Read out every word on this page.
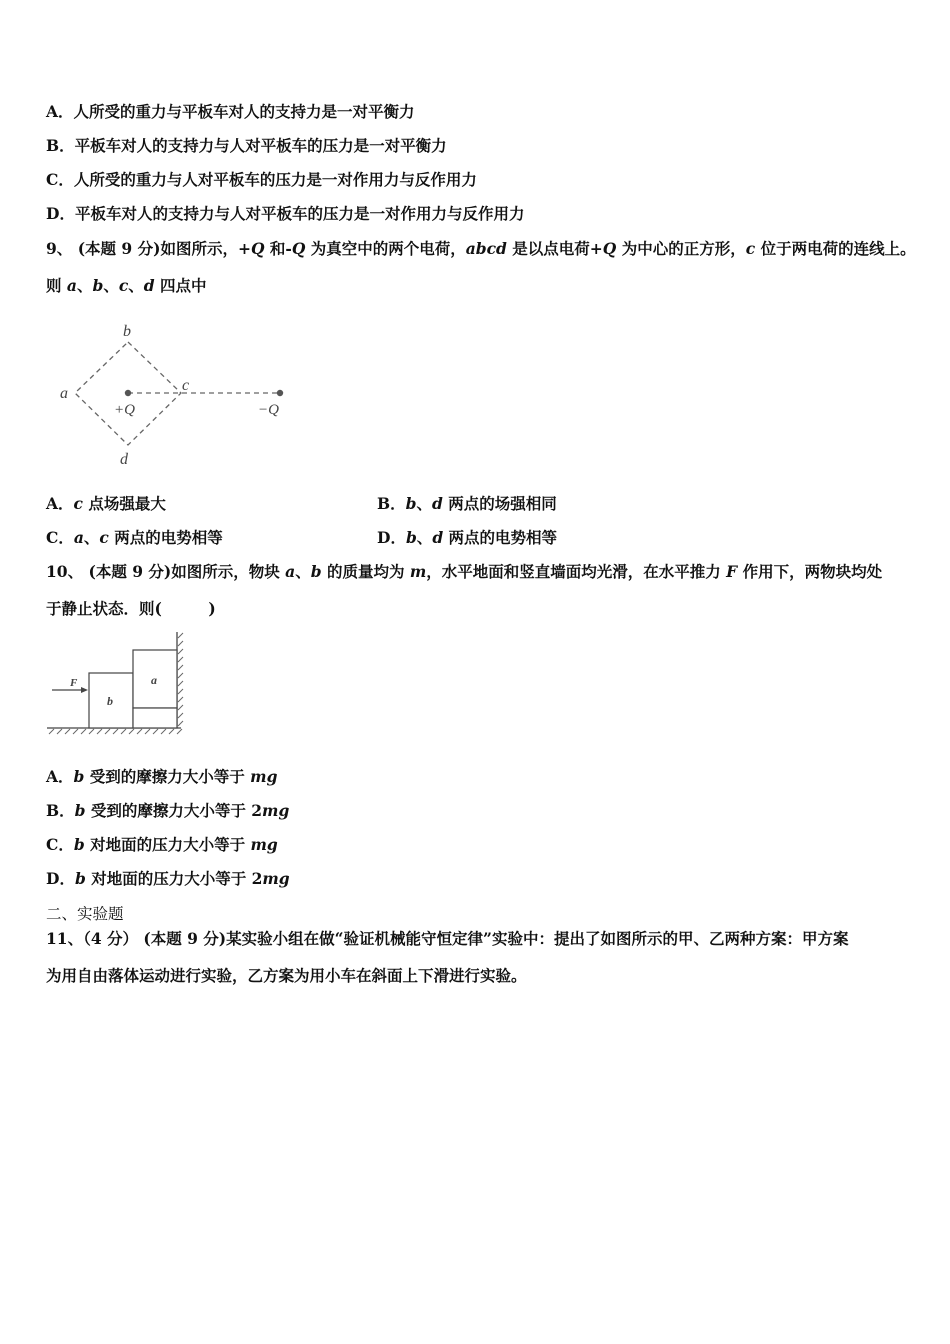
A．人所受的重力与平板车对人的支持力是一对平衡力
B．平板车对人的支持力与人对平板车的压力是一对平衡力
C．人所受的重力与人对平板车的压力是一对作用力与反作用力
D．平板车对人的支持力与人对平板车的压力是一对作用力与反作用力
9、 (本题 9 分)如图所示，+Q 和-Q 为真空中的两个电荷，abcd 是以点电荷+Q 为中心的正方形，c 位于两电荷的连线上。
则 a、b、c、d 四点中
b
a	c
d
+Q	−Q
A．c 点场强最大	B．b、d 两点的场强相同
C．a、c 两点的电势相等	D．b、d 两点的电势相等
10、 (本题 9 分)如图所示，物块 a、b 的质量均为 m，水平地面和竖直墙面均光滑，在水平推力 F 作用下，两物块均处
于静止状态．则(　　　)
F
b
a
A．b 受到的摩擦力大小等于 mg
B．b 受到的摩擦力大小等于 2mg
C．b 对地面的压力大小等于 mg
D．b 对地面的压力大小等于 2mg
二、实验题
11、（4 分） (本题 9 分)某实验小组在做“验证机械能守恒定律”实验中：提出了如图所示的甲、乙两种方案：甲方案
为用自由落体运动进行实验，乙方案为用小车在斜面上下滑进行实验。
